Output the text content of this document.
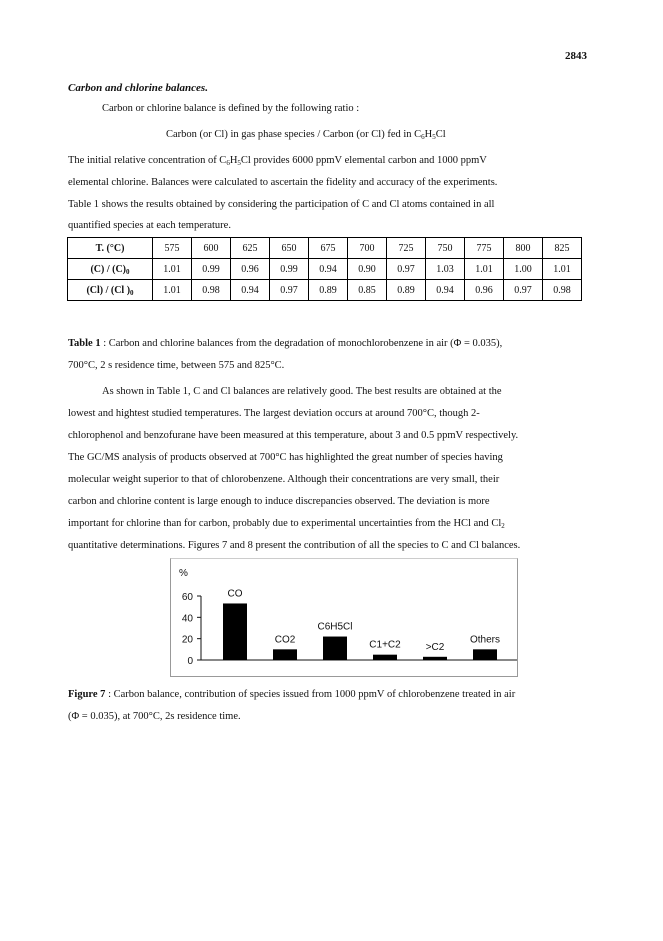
2843
Carbon and chlorine balances.
Carbon or chlorine balance is defined by the following ratio :
Carbon (or Cl) in gas phase species / Carbon (or Cl) fed in $C_6H_5Cl$
The initial relative concentration of $C_6H_5Cl$ provides 6000 ppmV elemental carbon and 1000 ppmV
elemental chlorine. Balances were calculated to ascertain the fidelity and accuracy of the experiments.
Table 1 shows the results obtained by considering the participation of C and Cl atoms contained in all
quantified species at each temperature.
T. (°C)	575	600	625	650	675	700	725	750	775	800	825
$(C) / (C)_0$	1.01	0.99	0.96	0.99	0.94	0.90	0.97	1.03	1.01	1.00	1.01
(Cl) / (Cl )$_0$	1.01	0.98	0.94	0.97	0.89	0.85	0.89	0.94	0.96	0.97	0.98
Table 1 : Carbon and chlorine balances from the degradation of monochlorobenzene in air (Φ = 0.035),
700°C, 2 s residence time, between 575 and 825°C.
As shown in Table 1, C and Cl balances are relatively good. The best results are obtained at the
lowest and hightest studied temperatures. The largest deviation occurs at around 700°C, though 2-
chlorophenol and benzofurane have been measured at this temperature, about 3 and 0.5 ppmV respectively.
The GC/MS analysis of products observed at 700°C has highlighted the great number of species having
molecular weight superior to that of chlorobenzene. Although their concentrations are very small, their
carbon and chlorine content is large enough to induce discrepancies observed. The deviation is more
important for chlorine than for carbon, probably due to experimental uncertainties from the HCl and $Cl_2$
quantitative determinations. Figures 7 and 8 present the contribution of all the species to C and Cl balances.
%
0
20
40
60	CO
CO2
C6H5Cl
C1+C2 >C2
Others
Figure 7 : Carbon balance, contribution of species issued from 1000 ppmV of chlorobenzene treated in air
(Φ = 0.035), at 700°C, 2s residence time.
